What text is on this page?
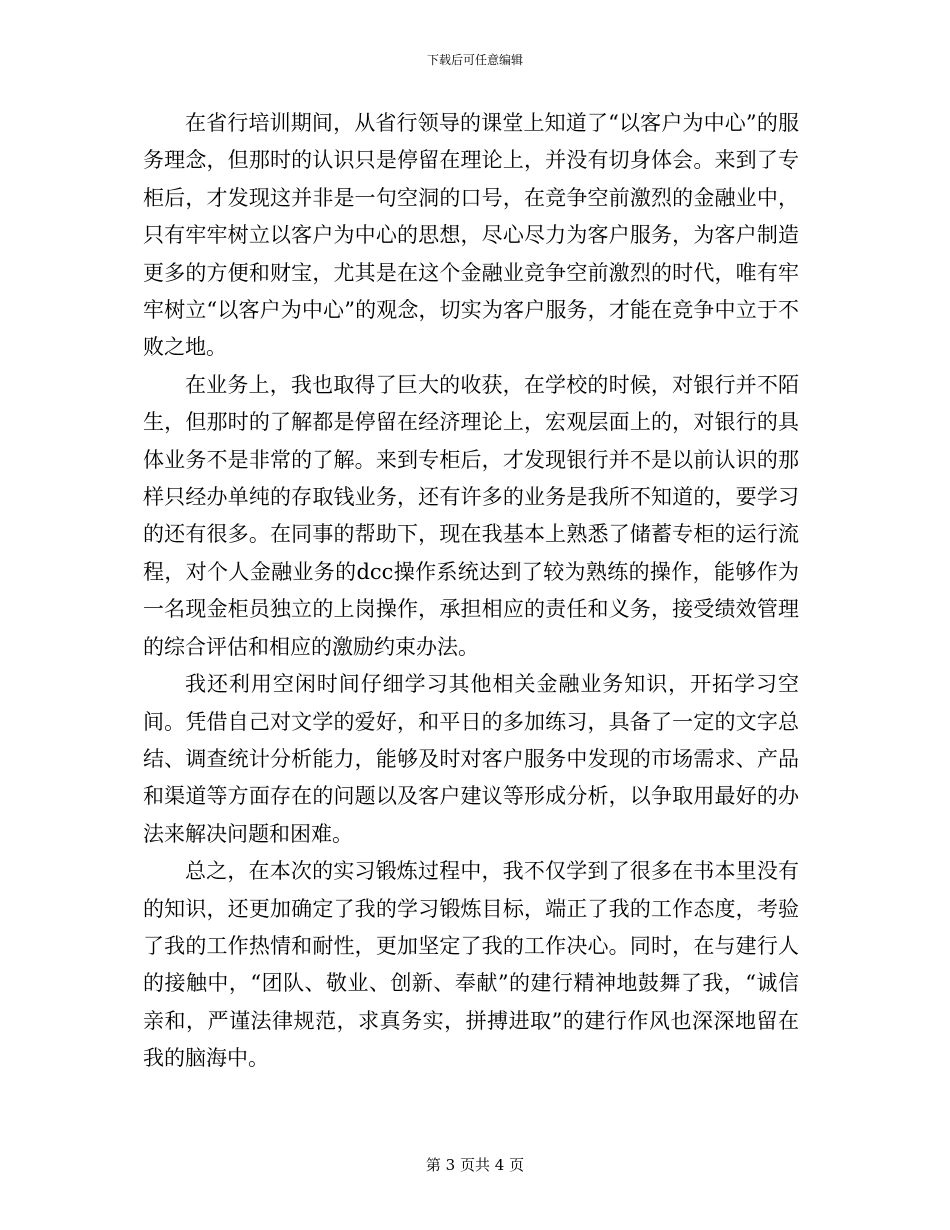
下载后可任意编辑

在省行培训期间，从省行领导的课堂上知道了“以客户为中心”的服务理念，但那时的认识只是停留在理论上，并没有切身体会。来到了专柜后，才发现这并非是一句空洞的口号，在竞争空前激烈的金融业中，只有牢牢树立以客户为中心的思想，尽心尽力为客户服务，为客户制造更多的方便和财宝，尤其是在这个金融业竞争空前激烈的时代，唯有牢牢树立“以客户为中心”的观念，切实为客户服务，才能在竞争中立于不败之地。

在业务上，我也取得了巨大的收获，在学校的时候，对银行并不陌生，但那时的了解都是停留在经济理论上，宏观层面上的，对银行的具体业务不是非常的了解。来到专柜后，才发现银行并不是以前认识的那样只经办单纯的存取钱业务，还有许多的业务是我所不知道的，要学习的还有很多。在同事的帮助下，现在我基本上熟悉了储蓄专柜的运行流程，对个人金融业务的dcc操作系统达到了较为熟练的操作，能够作为一名现金柜员独立的上岗操作，承担相应的责任和义务，接受绩效管理的综合评估和相应的激励约束办法。

我还利用空闲时间仔细学习其他相关金融业务知识，开拓学习空间。凭借自己对文学的爱好，和平日的多加练习，具备了一定的文字总结、调查统计分析能力，能够及时对客户服务中发现的市场需求、产品和渠道等方面存在的问题以及客户建议等形成分析，以争取用最好的办法来解决问题和困难。

总之，在本次的实习锻炼过程中，我不仅学到了很多在书本里没有的知识，还更加确定了我的学习锻炼目标，端正了我的工作态度，考验了我的工作热情和耐性，更加坚定了我的工作决心。同时，在与建行人的接触中，“团队、敬业、创新、奉献”的建行精神地鼓舞了我，“诚信亲和，严谨法律规范，求真务实，拼搏进取”的建行作风也深深地留在我的脑海中。

第 3 页共 4 页
